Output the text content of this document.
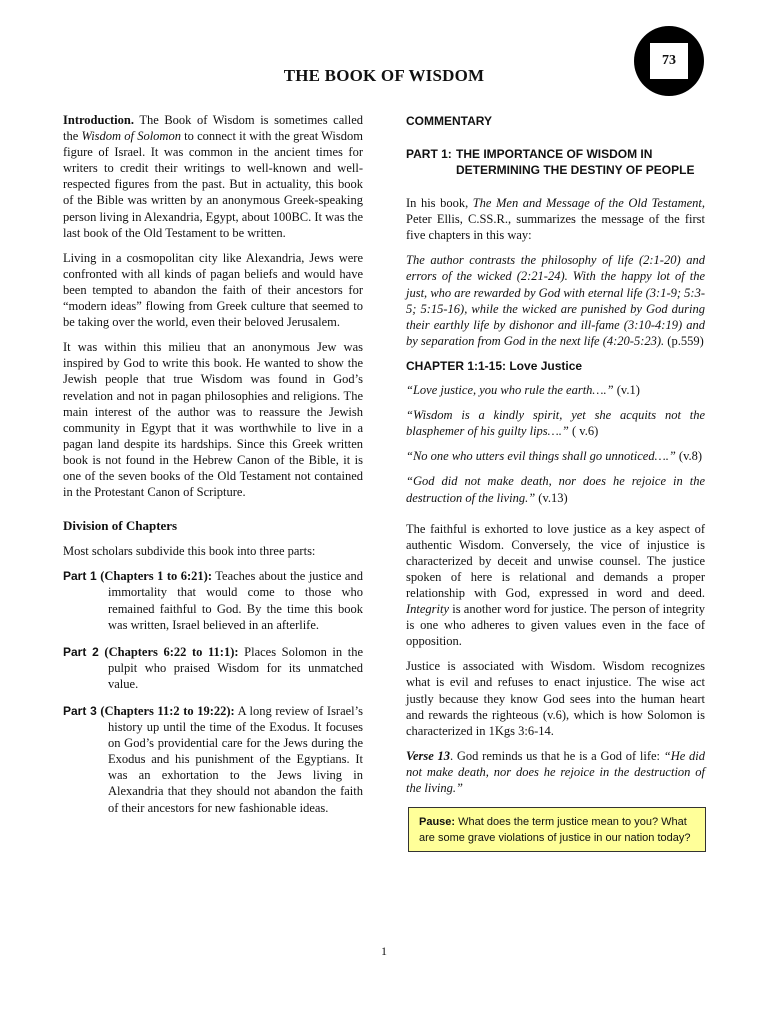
73
THE BOOK OF WISDOM

Introduction. The Book of Wisdom is sometimes called the Wisdom of Solomon to connect it with the great Wisdom figure of Israel. It was common in the ancient times for writers to credit their writings to well-known and well-respected figures from the past. But in actuality, this book of the Bible was written by an anonymous Greek-speaking person living in Alexandria, Egypt, about 100BC. It was the last book of the Old Testament to be written.

Living in a cosmopolitan city like Alexandria, Jews were confronted with all kinds of pagan beliefs and would have been tempted to abandon the faith of their ancestors for “modern ideas” flowing from Greek culture that seemed to be taking over the world, even their beloved Jerusalem.

It was within this milieu that an anonymous Jew was inspired by God to write this book. He wanted to show the Jewish people that true Wisdom was found in God’s revelation and not in pagan philosophies and religions. The main interest of the author was to reassure the Jewish community in Egypt that it was worthwhile to live in a pagan land despite its hardships. Since this Greek written book is not found in the Hebrew Canon of the Bible, it is one of the seven books of the Old Testament not contained in the Protestant Canon of Scripture.

Division of Chapters

Most scholars subdivide this book into three parts:

Part 1 (Chapters 1 to 6:21): Teaches about the justice and immortality that would come to those who remained faithful to God. By the time this book was written, Israel believed in an afterlife.
Part 2 (Chapters 6:22 to 11:1): Places Solomon in the pulpit who praised Wisdom for its unmatched value.
Part 3 (Chapters 11:2 to 19:22): A long review of Israel’s history up until the time of the Exodus. It focuses on God’s providential care for the Jews during the Exodus and his punishment of the Egyptians. It was an exhortation to the Jews living in Alexandria that they should not abandon the faith of their ancestors for new fashionable ideas.
COMMENTARY
PART 1: THE IMPORTANCE OF WISDOM IN DETERMINING THE DESTINY OF PEOPLE

In his book, The Men and Message of the Old Testament, Peter Ellis, C.SS.R., summarizes the message of the first five chapters in this way:

The author contrasts the philosophy of life (2:1-20) and errors of the wicked (2:21-24). With the happy lot of the just, who are rewarded by God with eternal life (3:1-9; 5:3-5; 5:15-16), while the wicked are punished by God during their earthly life by dishonor and ill-fame (3:10-4:19) and by separation from God in the next life (4:20-5:23). (p.559)

CHAPTER 1:1-15: Love Justice

“Love justice, you who rule the earth….” (v.1)

“Wisdom is a kindly spirit, yet she acquits not the blasphemer of his guilty lips….” ( v.6)

“No one who utters evil things shall go unnoticed….” (v.8)

“God did not make death, nor does he rejoice in the destruction of the living.” (v.13)

The faithful is exhorted to love justice as a key aspect of authentic Wisdom. Conversely, the vice of injustice is characterized by deceit and unwise counsel. The justice spoken of here is relational and demands a proper relationship with God, expressed in word and deed. Integrity is another word for justice. The person of integrity is one who adheres to given values even in the face of opposition.

Justice is associated with Wisdom. Wisdom recognizes what is evil and refuses to enact injustice. The wise act justly because they know God sees into the human heart and rewards the righteous (v.6), which is how Solomon is characterized in 1Kgs 3:6-14.

Verse 13. God reminds us that he is a God of life: “He did not make death, nor does he rejoice in the destruction of the living.”

Pause: What does the term justice mean to you? What are some grave violations of justice in our nation today?
1
